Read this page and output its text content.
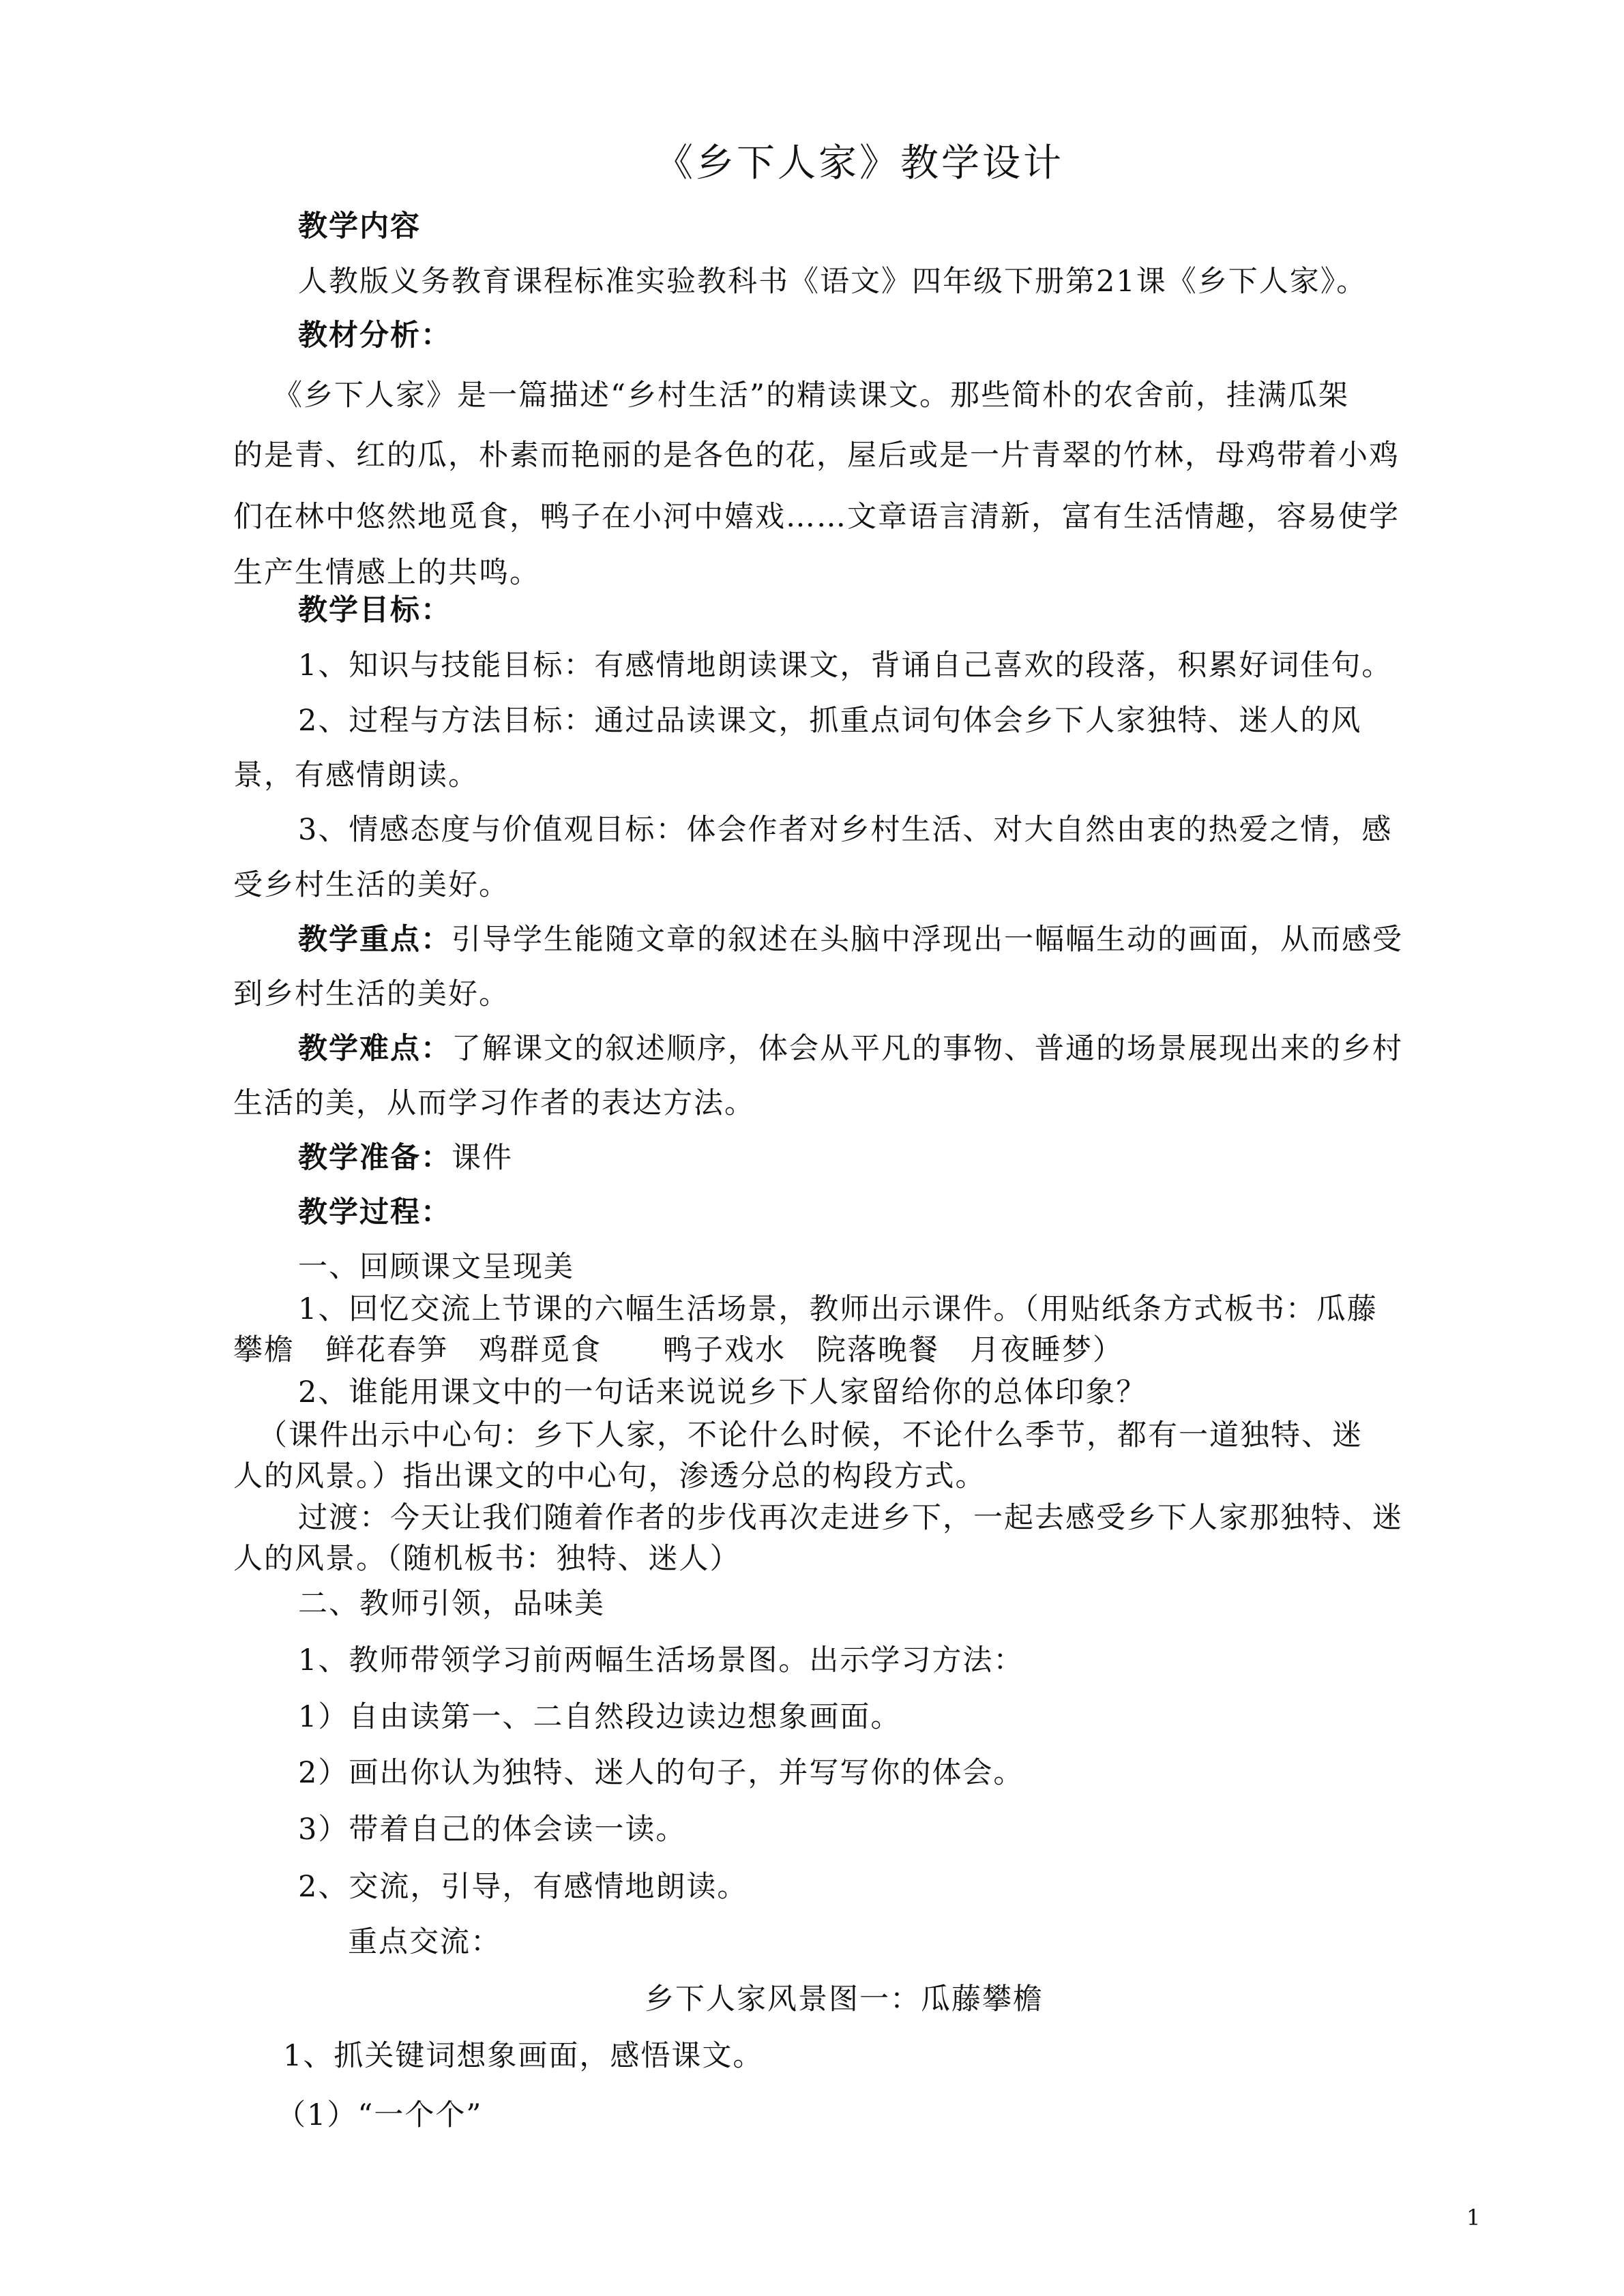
《乡下人家》教学设计
教学内容
人教版义务教育课程标准实验教科书《语文》四年级下册第21课《乡下人家》。
教材分析：
《乡下人家》是一篇描述“乡村生活”的精读课文。那些简朴的农舍前，挂满瓜架
的是青、红的瓜，朴素而艳丽的是各色的花，屋后或是一片青翠的竹林，母鸡带着小鸡
们在林中悠然地觅食，鸭子在小河中嬉戏……文章语言清新，富有生活情趣，容易使学
生产生情感上的共鸣。
教学目标：
1、知识与技能目标：有感情地朗读课文，背诵自己喜欢的段落，积累好词佳句。
2、过程与方法目标：通过品读课文，抓重点词句体会乡下人家独特、迷人的风
景，有感情朗读。
3、情感态度与价值观目标：体会作者对乡村生活、对大自然由衷的热爱之情，感
受乡村生活的美好。
教学重点：引导学生能随文章的叙述在头脑中浮现出一幅幅生动的画面，从而感受
到乡村生活的美好。
教学难点：了解课文的叙述顺序，体会从平凡的事物、普通的场景展现出来的乡村
生活的美，从而学习作者的表达方法。
教学准备：课件
教学过程：
一、回顾课文呈现美
1、回忆交流上节课的六幅生活场景，教师出示课件。（用贴纸条方式板书：瓜藤
攀檐　鲜花春笋　鸡群觅食　　鸭子戏水　院落晚餐　月夜睡梦）
2、谁能用课文中的一句话来说说乡下人家留给你的总体印象？
（课件出示中心句：乡下人家，不论什么时候，不论什么季节，都有一道独特、迷
人的风景。）指出课文的中心句，渗透分总的构段方式。
过渡：今天让我们随着作者的步伐再次走进乡下，一起去感受乡下人家那独特、迷
人的风景。（随机板书：独特、迷人）
二、教师引领，品味美
1、教师带领学习前两幅生活场景图。出示学习方法：
1）自由读第一、二自然段边读边想象画面。
2）画出你认为独特、迷人的句子，并写写你的体会。
3）带着自己的体会读一读。
2、交流，引导，有感情地朗读。
重点交流：
乡下人家风景图一：瓜藤攀檐
1、抓关键词想象画面，感悟课文。
（1）“一个个”
1
